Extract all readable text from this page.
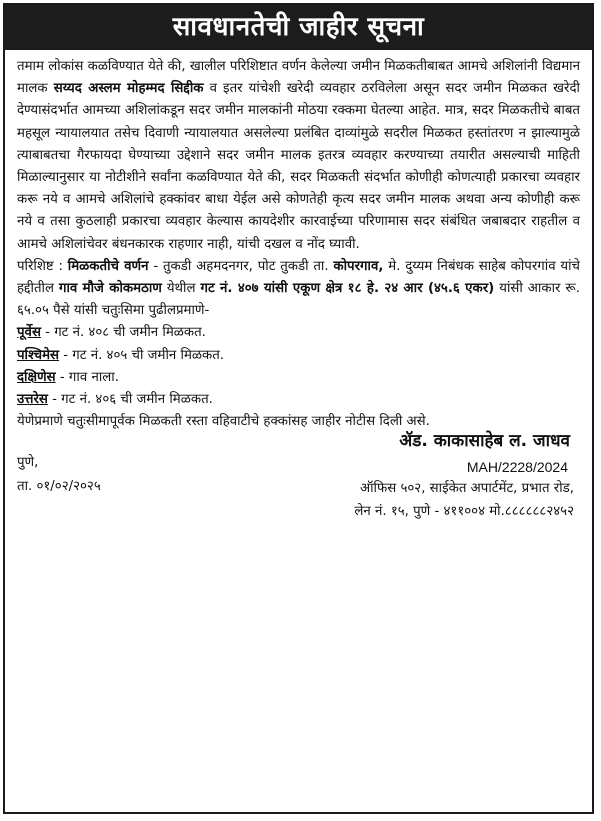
सावधानतेची जाहीर सूचना

तमाम लोकांस कळविण्यात येते की, खालील परिशिष्टात वर्णन केलेल्या जमीन मिळकतीबाबत आमचे अशिलांनी विद्यमान मालक सय्यद अस्लम मोहम्मद सिद्दीक व इतर यांचेशी खरेदी व्यवहार ठरविलेला असून सदर जमीन मिळकत खरेदी देण्यासंदर्भात आमच्या अशिलांकडून सदर जमीन मालकांनी मोठया रक्कमा घेतल्या आहेत. मात्र, सदर मिळकतीचे बाबत महसूल न्यायालयात तसेच दिवाणी न्यायालयात असलेल्या प्रलंबित दाव्यांमुळे सदरील मिळकत हस्तांतरण न झाल्यामुळे त्याबाबतचा गैरफायदा घेण्याच्या उद्देशाने सदर जमीन मालक इतरत्र व्यवहार करण्याच्या तयारीत असल्याची माहिती मिळाल्यानुसार या नोटीशीने सर्वांना कळविण्यात येते की, सदर मिळकती संदर्भात कोणीही कोणत्याही प्रकारचा व्यवहार करू नये व आमचे अशिलांचे हक्कांवर बाधा येईल असे कोणतेही कृत्य सदर जमीन मालक अथवा अन्य कोणीही करू नये व तसा कुठलाही प्रकारचा व्यवहार केल्यास कायदेशीर कारवाईच्या परिणामास सदर संबंधित जबाबदार राहतील व आमचे अशिलांचेवर बंधनकारक राहणार नाही, यांची दखल व नोंद घ्यावी.

परिशिष्ट : मिळकतीचे वर्णन - तुकडी अहमदनगर, पोट तुकडी ता. कोपरगाव, मे. दुय्यम निबंधक साहेब कोपरगांव यांचे हद्दीतील गाव मौजे कोकमठाण येथील गट नं. ४०७ यांसी एकूण क्षेत्र १८ हे. २४ आर (४५.६ एकर) यांसी आकार रू. ६५.०५ पैसे यांसी चतुःसिमा पुढीलप्रमाणे-

पूर्वेस - गट नं. ४०८ ची जमीन मिळकत.

पश्चिमेस - गट नं. ४०५ ची जमीन मिळकत.

दक्षिणेस - गाव नाला.

उत्तरेस - गट नं. ४०६ ची जमीन मिळकत.

येणेप्रमाणे चतुःसीमापूर्वक मिळकती रस्ता वहिवाटीचे हक्कांसह जाहीर नोटीस दिली असे.

पुणे,
ता. ०१/०२/२०२५
ॲड. काकासाहेब ल. जाधव
MAH/2228/2024
ऑफिस ५०२, साईकेत अपार्टमेंट, प्रभात रोड,
लेन नं. १५, पुणे - ४११००४ मो.८८८८८८२४५२
